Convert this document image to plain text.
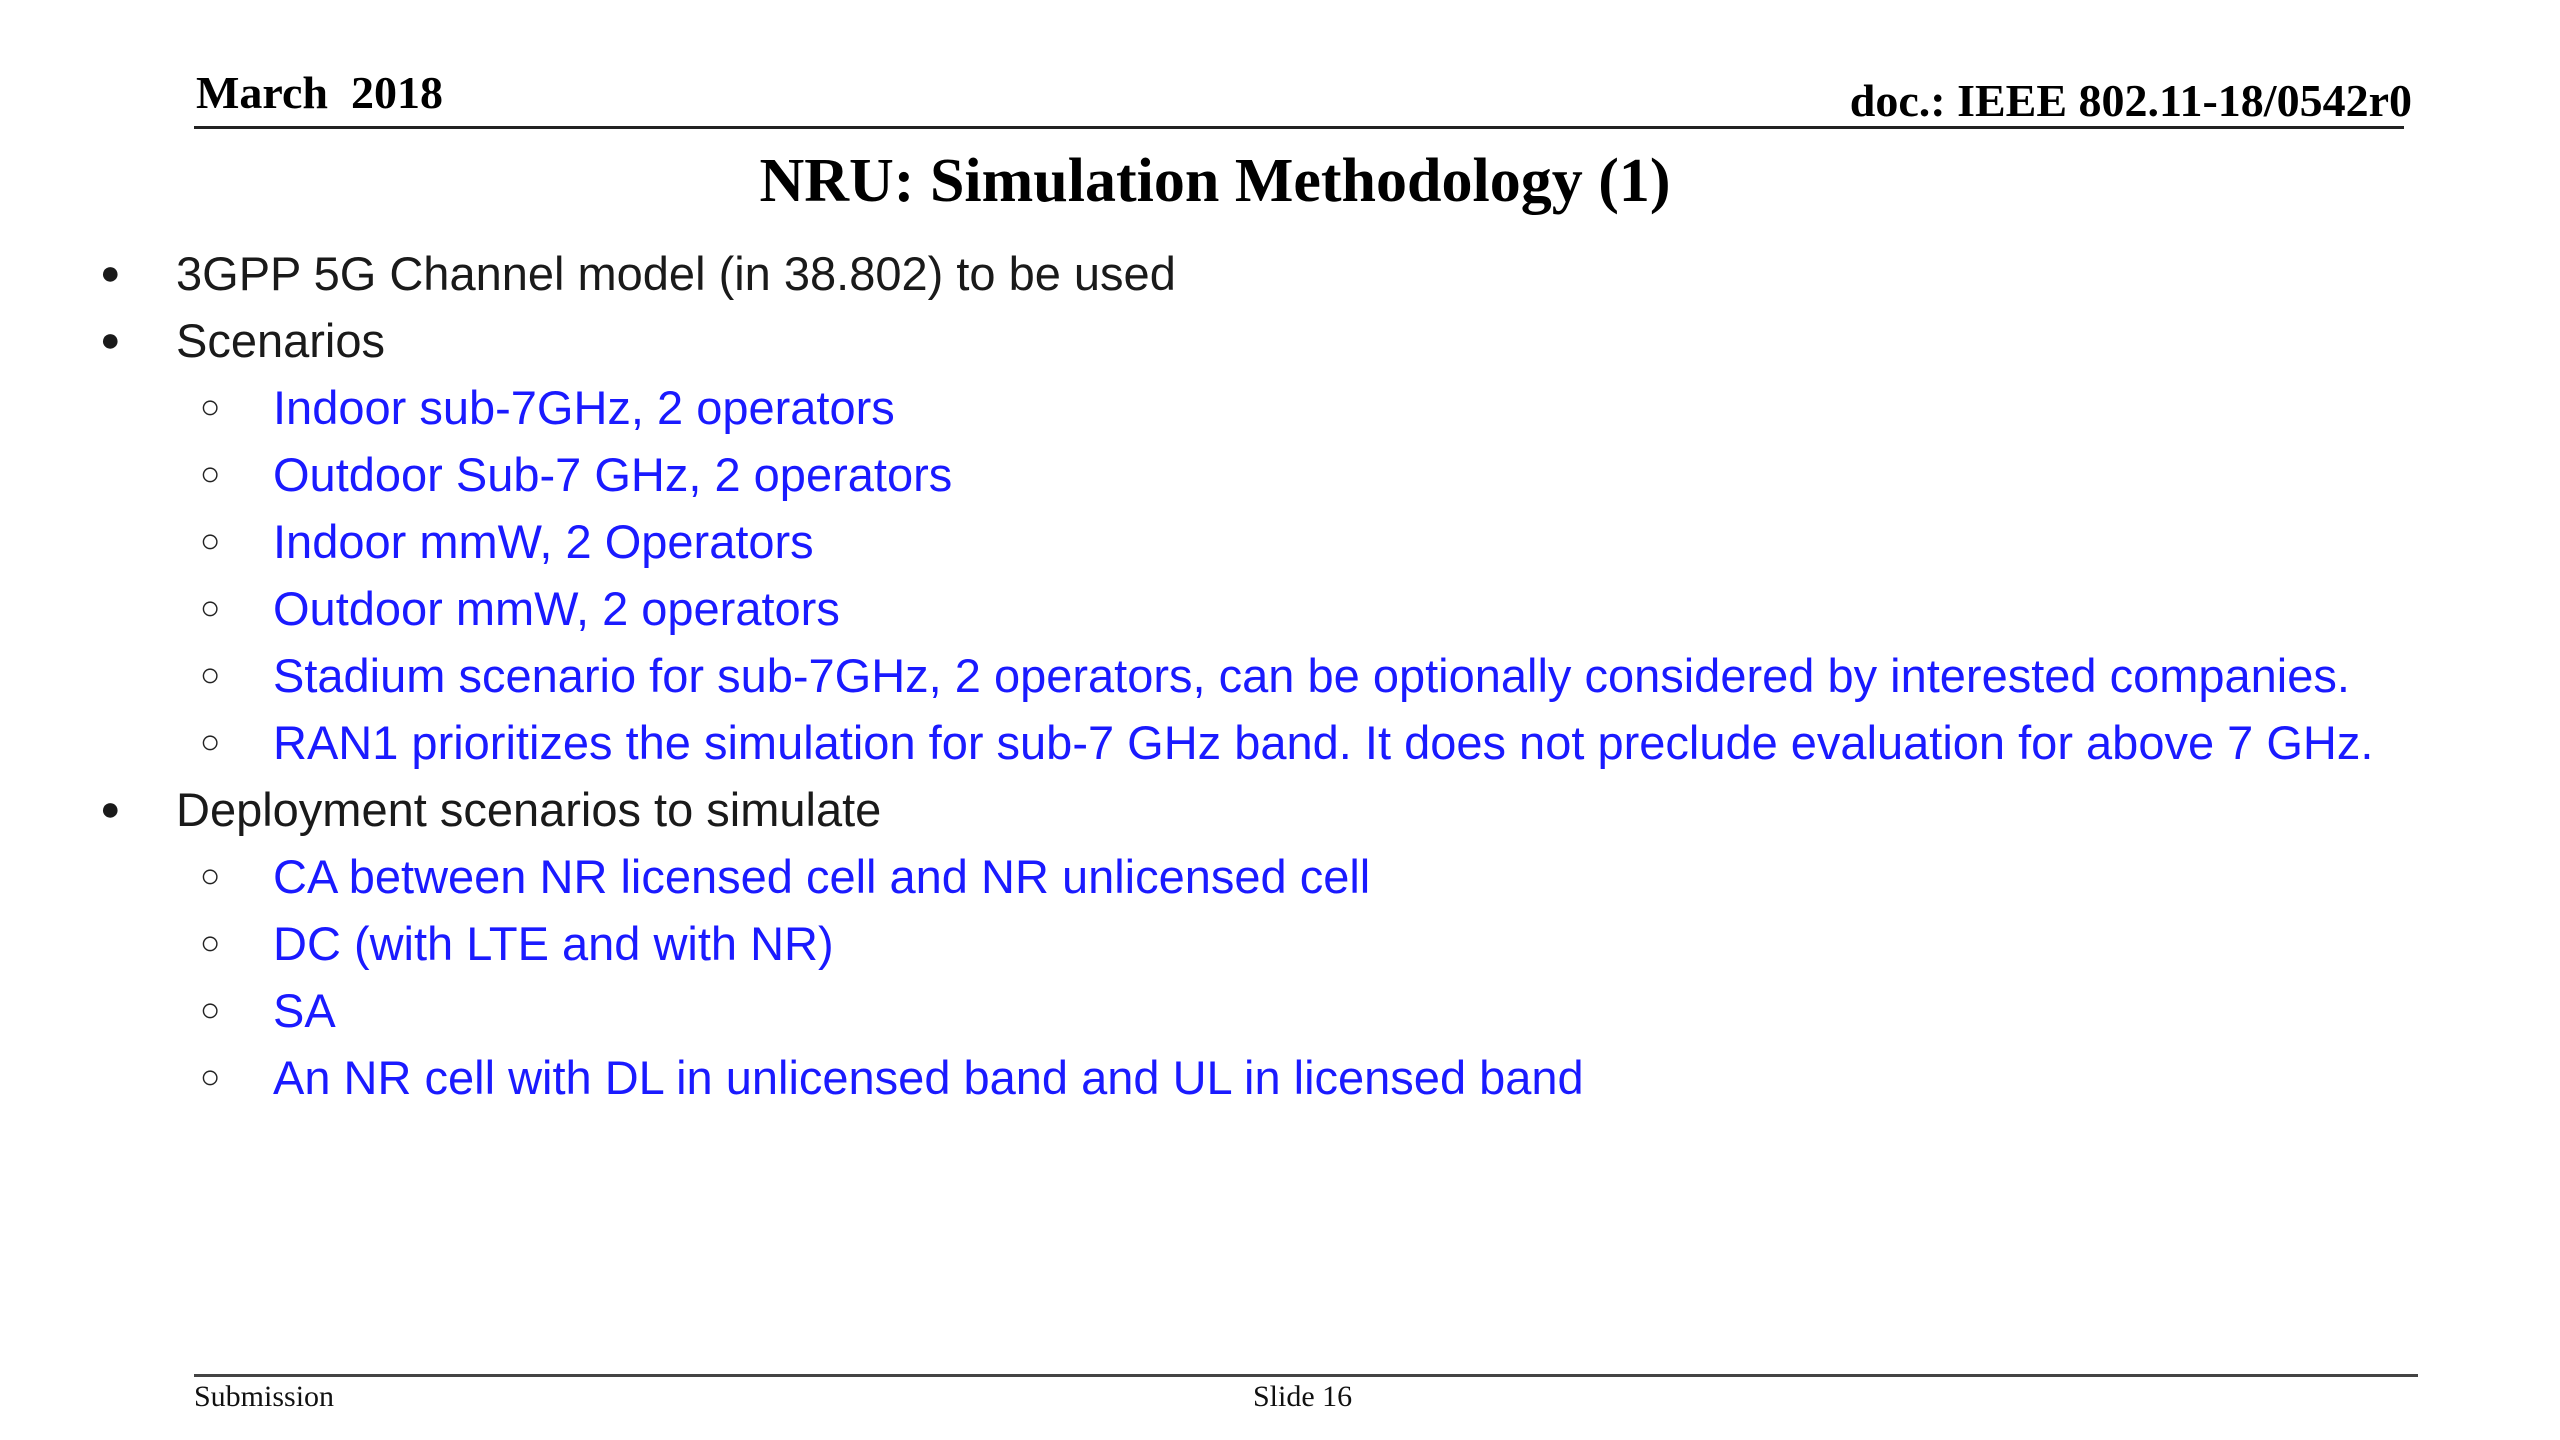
March  2018	doc.: IEEE 802.11-18/0542r0
NRU: Simulation Methodology (1)
● 3GPP 5G Channel model (in 38.802) to be used
● Scenarios
○ Indoor sub-7GHz, 2 operators
○ Outdoor Sub-7 GHz, 2 operators
○ Indoor mmW, 2 Operators
○ Outdoor mmW, 2 operators
○ Stadium scenario for sub-7GHz, 2 operators, can be optionally considered by interested companies.
○ RAN1 prioritizes the simulation for sub-7 GHz band. It does not preclude evaluation for above 7 GHz.
● Deployment scenarios to simulate
○ CA between NR licensed cell and NR unlicensed cell
○ DC (with LTE and with NR)
○ SA
○ An NR cell with DL in unlicensed band and UL in licensed band
Submission	Slide 16
